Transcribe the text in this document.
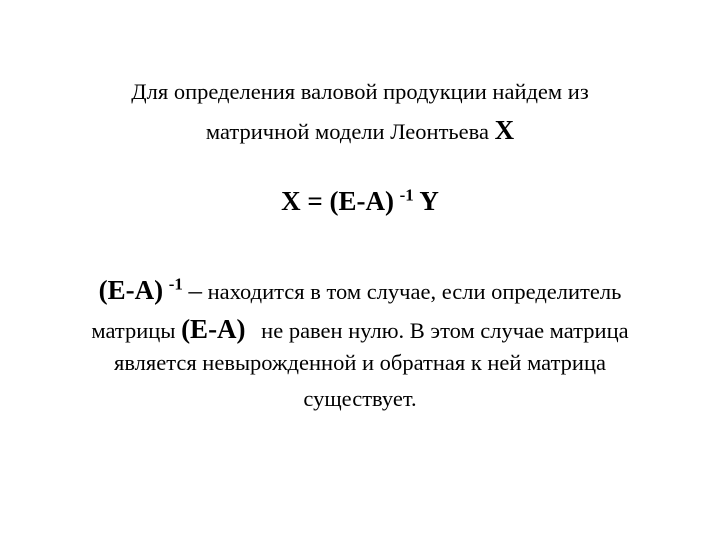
Для определения валовой продукции найдем из
матричной модели Леонтьева X
X = (E-A) $^{-1}$ Y
(E-A) $^{-1}$ – находится в том случае, если определитель
матрицы (E-A) не равен нулю. В этом случае матрица
является невырожденной и обратная к ней матрица
существует.
